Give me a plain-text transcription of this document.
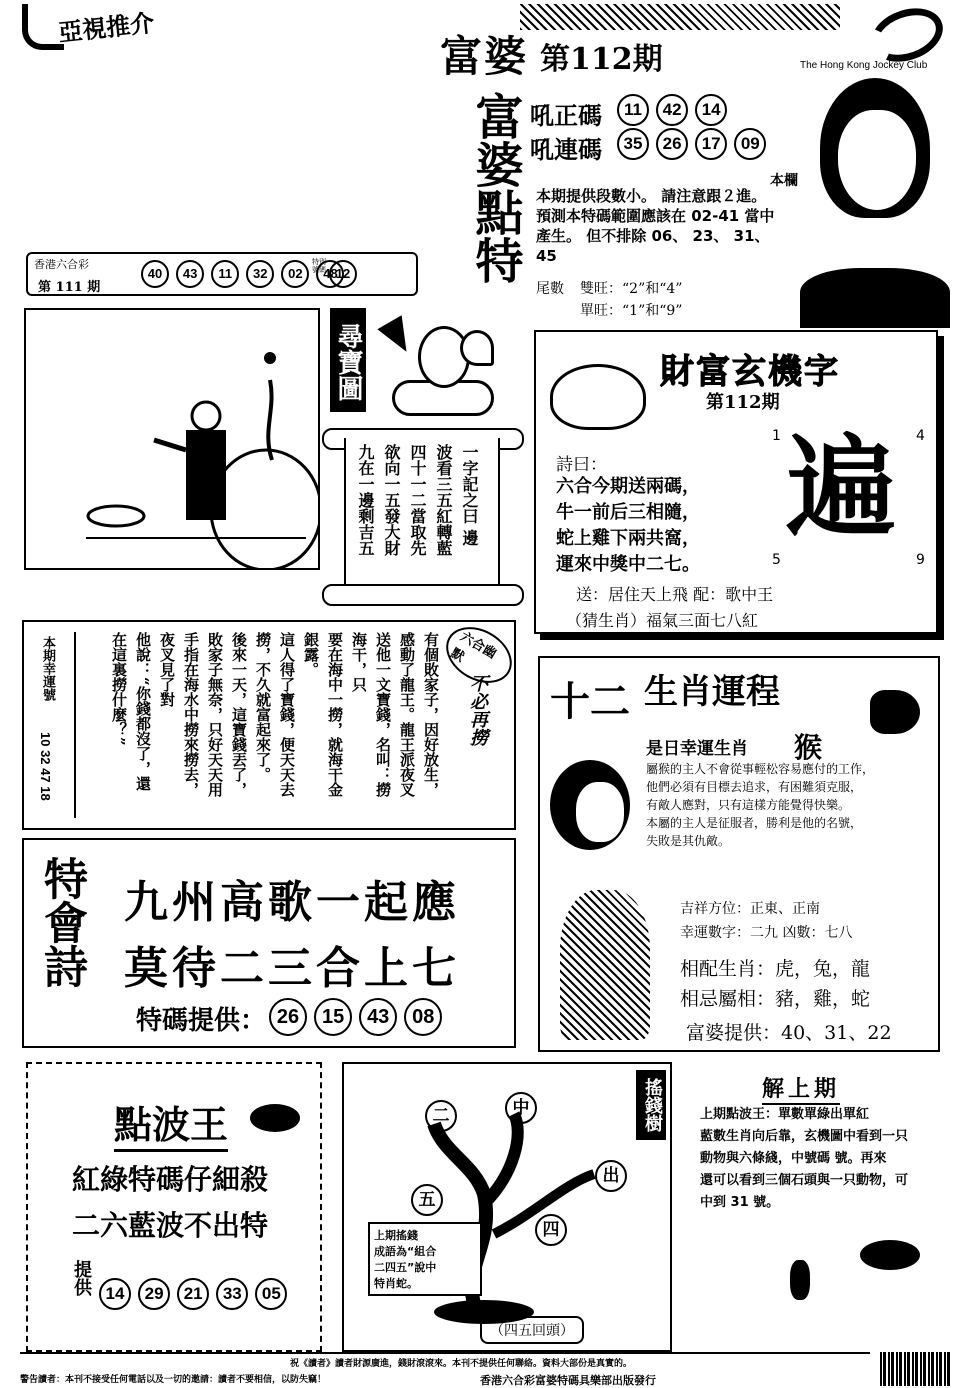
亞視推介
富婆 第112期	The Hong Kong Jockey Club
富婆點特 吼正碼	11 42 14
吼連碼	35 26 17 09
本欄
本期提供段數小。 請注意跟２進。
預測本特碼範圍應該在 02-41 當中
產生。 但不排除 06、 23、 31、
45
尾數 雙旺：“2”和“4”
單旺：“1”和“9”
香港六合彩
第 111 期
40 43 11 32 02 48
特別號碼 12
尋寶圖
一字記之曰 邊
波看三五紅轉藍
四十一二當取先
欲向一五發大財
九在一邊剩吉五
財富玄機字
第112期
詩曰：
六合今期送兩碼，
牛一前后三相隨，
蛇上雞下兩共窩，
運來中獎中二七。
1	4
5	9
遍
送：居住天上飛 配：歌中王
（猜生肖）福氣三面七八紅
六合幽默
不必再撈
有個敗家子，因好放生，
感動了龍王。龍王派夜叉
送他一文寶錢，名叫：撈
海干，只
要在海中一撈，就海干金
銀露。
這人得了寶錢，便天天去
撈，不久就富起來了。
後來一天，這寶錢丟了，
敗家子無奈，只好天天用
手指在海水中撈來撈去，
夜叉見了對
他說：“你錢都沒了，還
在這裏撈什麼？”
本期幸運號
10 32 47 18
十二 生肖運程
是日幸運生肖 猴
屬猴的主人不會從事輕松容易應付的工作，
他們必須有目標去追求，有困難須克服，
有敵人應對，只有這樣方能覺得快樂。
本屬的主人是征服者，勝利是他的名號，
失敗是其仇敵。
吉祥方位：正東、正南
幸運數字：二九 凶數：七八
相配生肖：虎，兔，龍
相忌屬相：豬，雞，蛇
富婆提供：40、31、22
特會詩 九州高歌一起應
莫待二三合上七
特碼提供： 26 15 43 08
點波王
紅綠特碼仔細殺
二六藍波不出特
提供 14 29 21 33 05
搖錢樹
二	中
出
五
四
上期搖錢
成語為“組合
二四五”說中
特肖蛇。
（四五回頭）
解上期
上期點波王：單數單綠出單紅
藍數生肖向后靠，玄機圖中看到一只
動物與六條綫，中號碼 號。再來
還可以看到三個石頭與一只動物，可
中到 31 號。
祝《讀者》讀者財源廣進，錢財滾滾來。本刊不提供任何聯絡。資料大部份是真實的。
警告讀者：本刊不接受任何電話以及一切的邀請：讀者不要相信，以防失竊！	香港六合彩富婆特碼具樂部出版發行
